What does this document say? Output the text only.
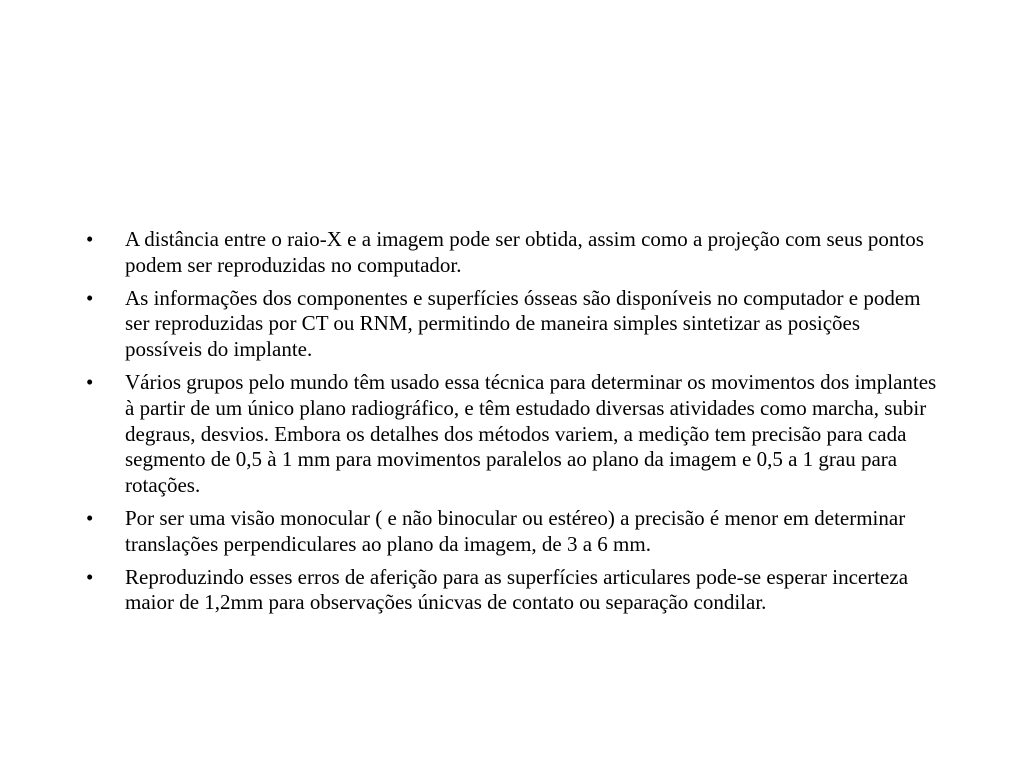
• A distância entre o raio-X e a imagem pode ser obtida, assim como a projeção com seus pontos podem ser reproduzidas no computador.
• As informações dos componentes e superfícies ósseas são disponíveis no computador e podem ser reproduzidas por CT ou RNM, permitindo de maneira simples sintetizar as posições possíveis do implante.
• Vários grupos pelo mundo têm usado essa técnica para determinar os movimentos dos implantes à partir de um único plano radiográfico, e têm estudado diversas atividades como marcha, subir degraus, desvios. Embora os detalhes dos métodos variem, a medição tem precisão para cada segmento de 0,5 à 1 mm para movimentos paralelos ao plano da imagem e 0,5 a 1 grau para rotações.
• Por ser uma visão monocular ( e não binocular ou estéreo) a precisão é menor em determinar translações perpendiculares ao plano da imagem, de 3 a 6 mm.
• Reproduzindo esses erros de aferição para as superfícies articulares pode-se esperar incerteza maior de 1,2mm para observações únicvas de contato ou separação condilar.
